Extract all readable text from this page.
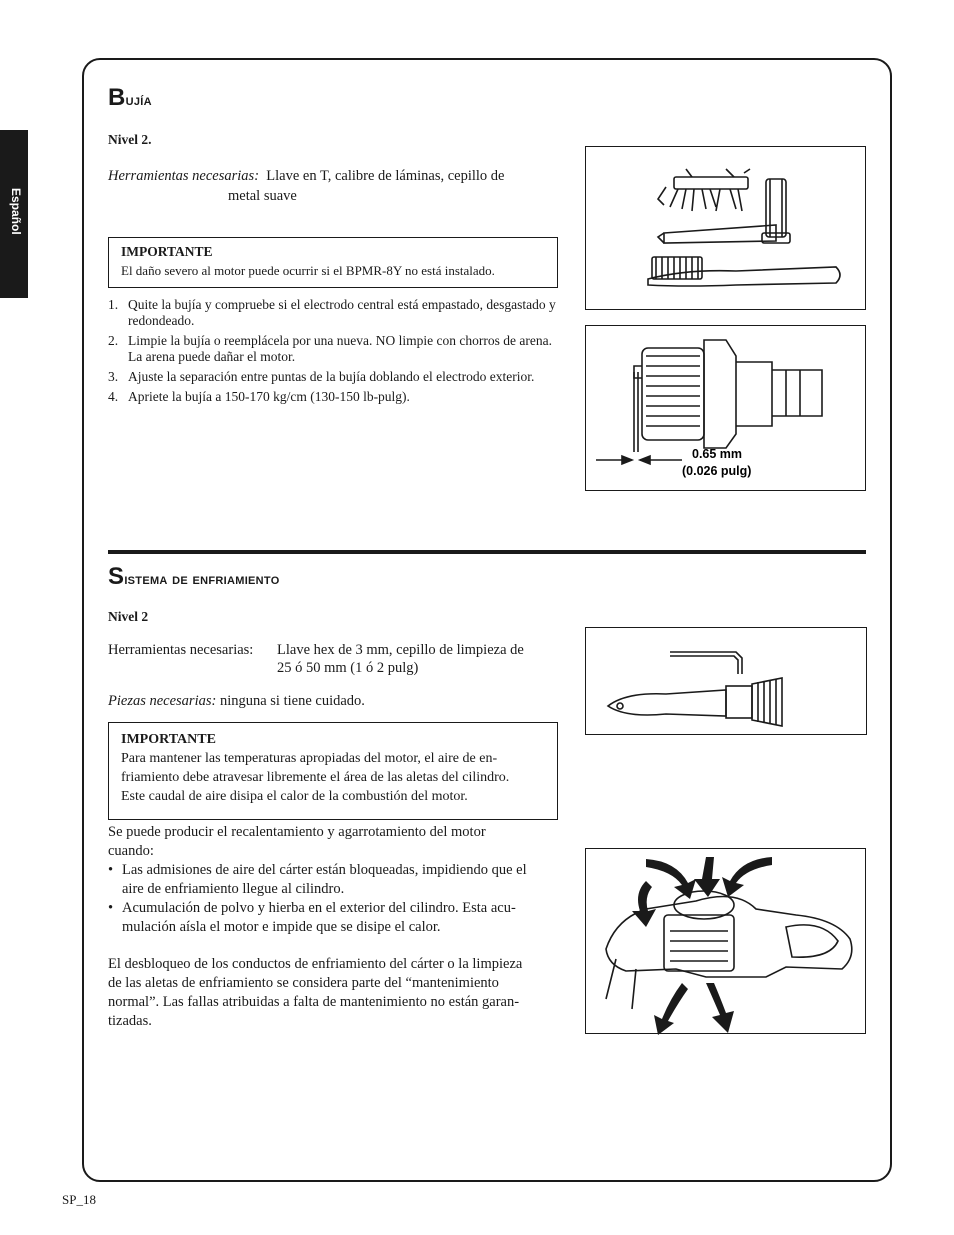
Español
Bujía
Nivel 2.
Herramientas necesarias: Llave en T, calibre de láminas, cepillo de
metal suave
IMPORTANTE
El daño severo al motor puede ocurrir si el BPMR-8Y no está instalado.
1. Quite la bujía y compruebe si el electrodo central está empastado, desgastado y redondeado.
2. Limpie la bujía o reemplácela por una nueva. NO limpie con chorros de arena. La arena puede dañar el motor.
3. Ajuste la separación entre puntas de la bujía doblando el electrodo exterior.
4. Apriete la bujía a 150-170 kg/cm (130-150 lb-pulg).
0.65 mm
(0.026 pulg)
Sistema de enfriamiento
Nivel 2
Herramientas necesarias: Llave hex de 3 mm, cepillo de limpieza de
25 ó 50 mm (1 ó 2 pulg)
Piezas necesarias: ninguna si tiene cuidado.
IMPORTANTE
Para mantener las temperaturas apropiadas del motor, el aire de en-
friamiento debe atravesar libremente el área de las aletas del cilindro.
Este caudal de aire disipa el calor de la combustión del motor.
Se puede producir el recalentamiento y agarrotamiento del motor
cuando:
• Las admisiones de aire del cárter están bloqueadas, impidiendo que el
aire de enfriamiento llegue al cilindro.
• Acumulación de polvo y hierba en el exterior del cilindro. Esta acu-
mulación aísla el motor e impide que se disipe el calor.
El desbloqueo de los conductos de enfriamiento del cárter o la limpieza
de las aletas de enfriamiento se considera parte del “mantenimiento
normal”. Las fallas atribuidas a falta de mantenimiento no están garan-
tizadas.
SP_18
